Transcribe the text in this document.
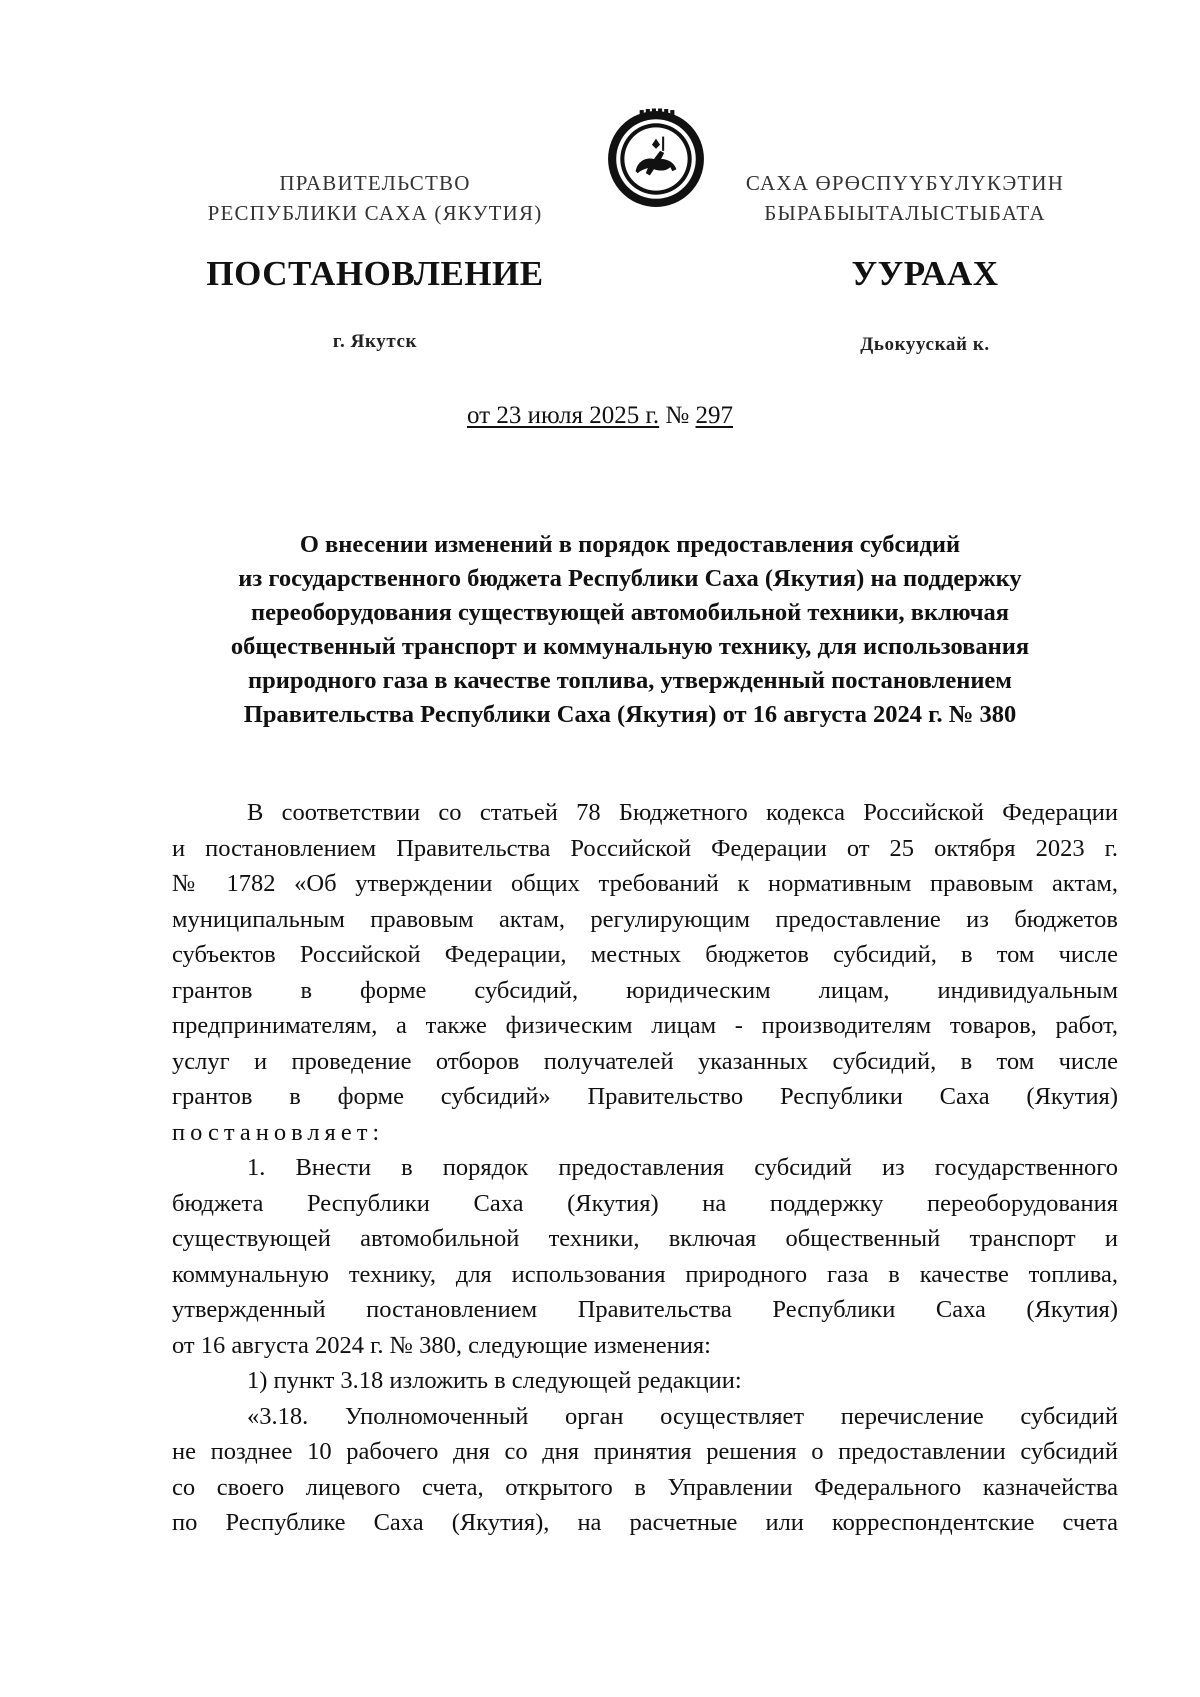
ПРАВИТЕЛЬСТВО
РЕСПУБЛИКИ САХА (ЯКУТИЯ)
САХА ӨРӨСПҮҮБҮЛҮКЭТИН
БЫРАБЫЫТАЛЫСТЫБАТА
ПОСТАНОВЛЕНИЕ	УУРААХ
г. Якутск	Дьокуускай к.
от 23 июля 2025 г. № 297
О внесении изменений в порядок предоставления субсидий
из государственного бюджета Республики Саха (Якутия) на поддержку
переоборудования существующей автомобильной техники, включая
общественный транспорт и коммунальную технику, для использования
природного газа в качестве топлива, утвержденный постановлением
Правительства Республики Саха (Якутия) от 16 августа 2024 г. № 380
В соответствии со статьей 78 Бюджетного кодекса Российской Федерации
и постановлением Правительства Российской Федерации от 25 октября 2023 г.
№ 1782 «Об утверждении общих требований к нормативным правовым актам,
муниципальным правовым актам, регулирующим предоставление из бюджетов
субъектов Российской Федерации, местных бюджетов субсидий, в том числе
грантов в форме субсидий, юридическим лицам, индивидуальным
предпринимателям, а также физическим лицам - производителям товаров, работ,
услуг и проведение отборов получателей указанных субсидий, в том числе
грантов в форме субсидий» Правительство Республики Саха (Якутия)
постановляет:
1. Внести в порядок предоставления субсидий из государственного
бюджета Республики Саха (Якутия) на поддержку переоборудования
существующей автомобильной техники, включая общественный транспорт и
коммунальную технику, для использования природного газа в качестве топлива,
утвержденный постановлением Правительства Республики Саха (Якутия)
от 16 августа 2024 г. № 380, следующие изменения:
1) пункт 3.18 изложить в следующей редакции:
«3.18. Уполномоченный орган осуществляет перечисление субсидий
не позднее 10 рабочего дня со дня принятия решения о предоставлении субсидий
со своего лицевого счета, открытого в Управлении Федерального казначейства
по Республике Саха (Якутия), на расчетные или корреспондентские счета
